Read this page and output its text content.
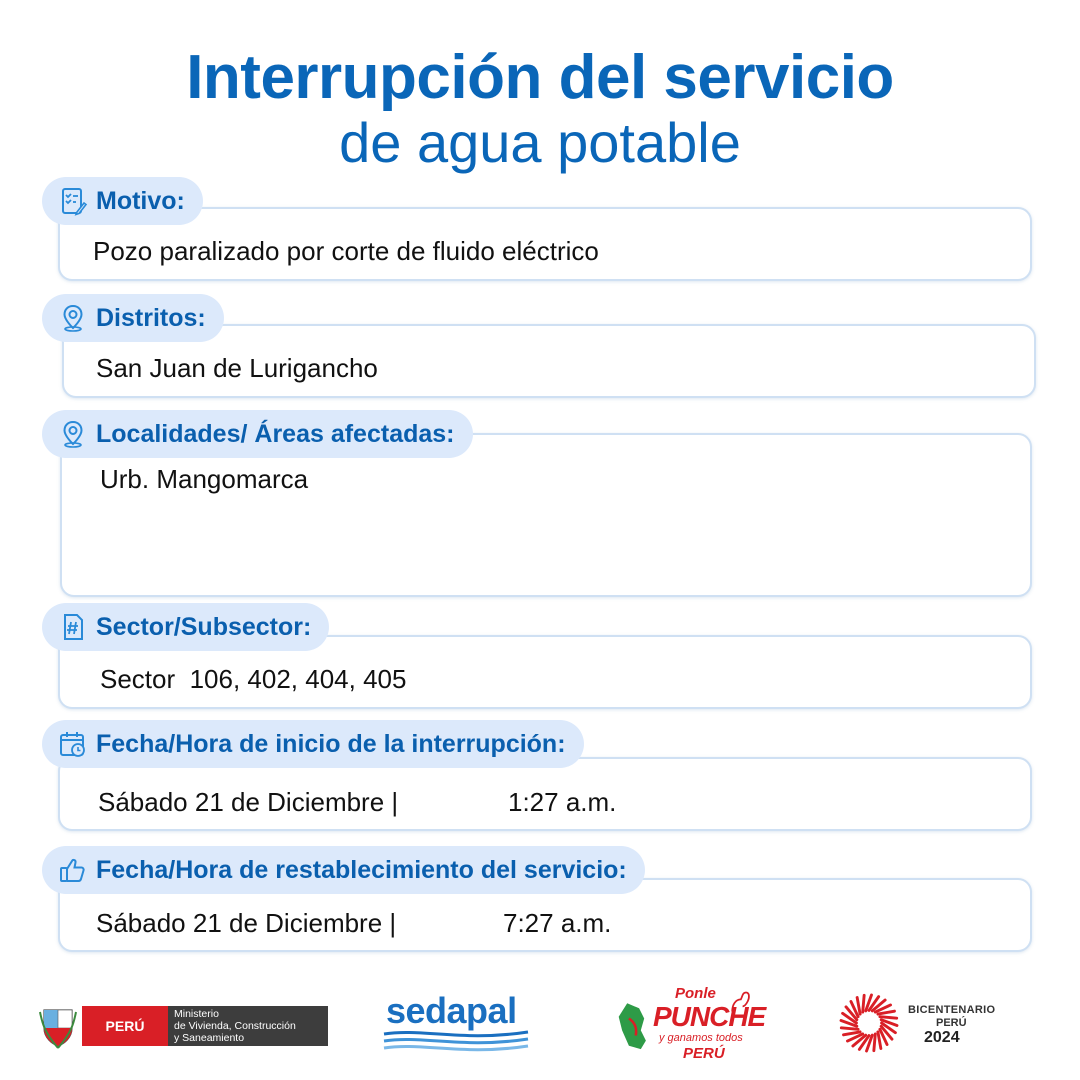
Interrupción del servicio
de agua potable
Motivo:
Pozo paralizado por corte de fluido eléctrico
Distritos:
San Juan de Lurigancho
Localidades/ Áreas afectadas:
Urb. Mangomarca
Sector/Subsector:
Sector  106, 402, 404, 405
Fecha/Hora de inicio de la interrupción:
Sábado 21 de Diciembre |	1:27 a.m.
Fecha/Hora de restablecimiento del servicio:
Sábado 21 de Diciembre |	7:27 a.m.
PERÚ
Ministerio
de Vivienda, Construcción
y Saneamiento
sedapal	Ponle
PUNCHE
y ganamos todos
PERÚ
BICENTENARIO
PERÚ
2024
